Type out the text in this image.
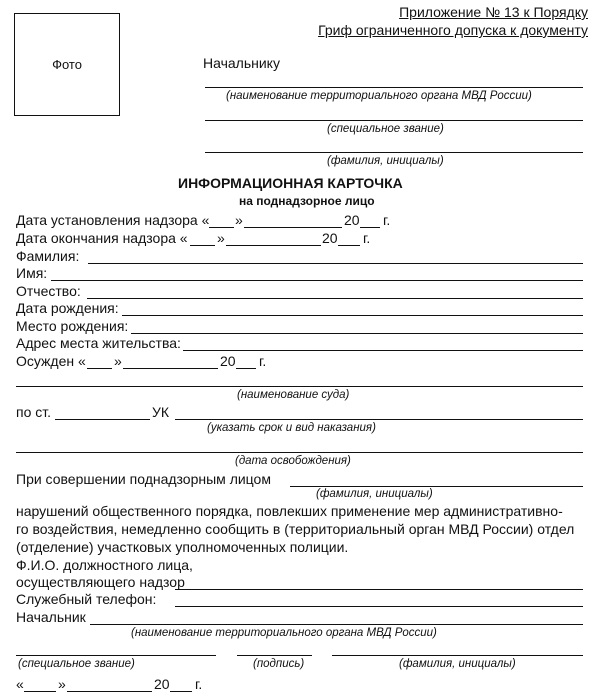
Приложение № 13 к Порядку
Гриф ограниченного допуска к документу
Фото	Начальнику
(наименование территориального органа МВД России)
(специальное звание)
(фамилия, инициалы)
ИНФОРМАЦИОННАЯ КАРТОЧКА
на поднадзорное лицо
Дата установления надзора « »	20 г.
Дата окончания надзора « »	20 г.
Фамилия:
Имя:
Отчество:
Дата рождения:
Место рождения:
Адрес места жительства:
Осужден « »	20 г.
(наименование суда)
по ст.	УК
(указать срок и вид наказания)
(дата освобождения)
При совершении поднадзорным лицом
(фамилия, инициалы)
нарушений общественного порядка, повлекших применение мер административно-
го воздействия, немедленно сообщить в (территориальный орган МВД России) отдел
(отделение) участковых уполномоченных полиции.
Ф.И.О. должностного лица,
осуществляющего надзор
Служебный телефон:
Начальник
(наименование территориального органа МВД России)
(специальное звание)	(подпись)	(фамилия, инициалы)
« »	20 г.
